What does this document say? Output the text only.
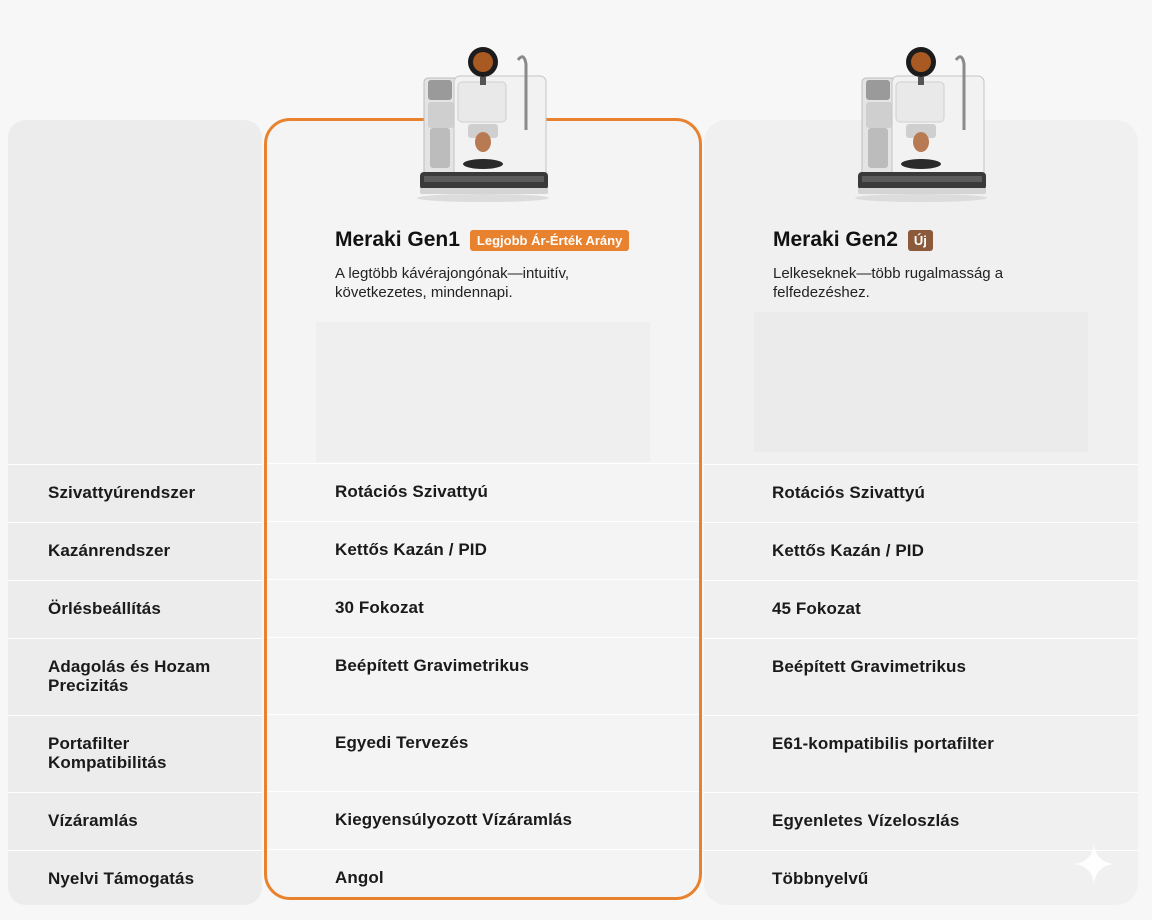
Szivattyúrendszer
Kazánrendszer
Örlésbeállítás
Adagolás és Hozam Precizitás
Portafilter Kompatibilitás
Vízáramlás
Nyelvi Támogatás
Rotációs Szivattyú
Kettős Kazán / PID
45 Fokozat
Beépített Gravimetrikus
E61-kompatibilis portafilter
Egyenletes Vízeloszlás
Többnyelvű
Rotációs Szivattyú
Kettős Kazán / PID
30 Fokozat
Beépített Gravimetrikus
Egyedi Tervezés
Kiegyensúlyozott Vízáramlás
Angol
Meraki Gen1	Legjobb Ár-Érték Arány
A legtöbb kávérajongónak—intuitív, következetes, mindennapi.
Meraki Gen2	Új
Lelkeseknek—több rugalmasság a felfedezéshez.
